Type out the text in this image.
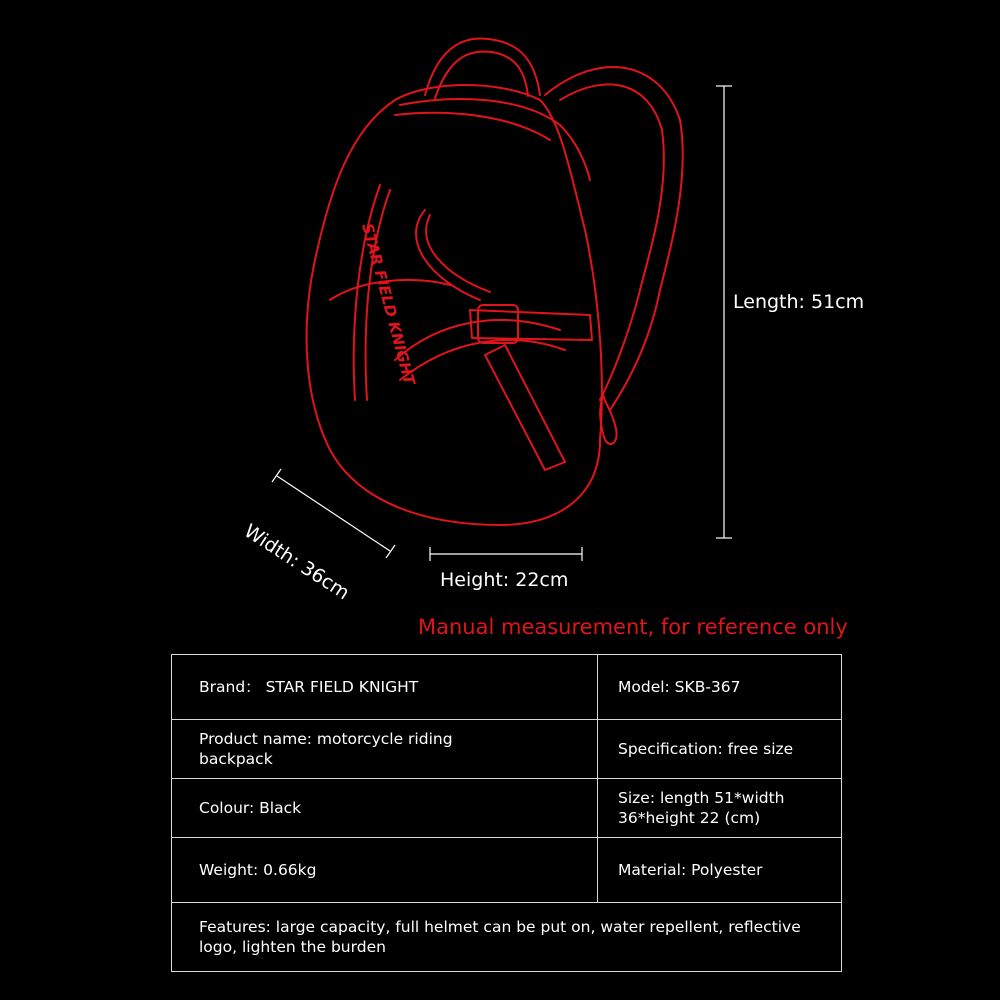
STAR FIELD KNIGHT	Length: 51cm
Height: 22cm
Width: 36cm
Manual measurement, for reference only
Brand： STAR FIELD KNIGHT	Model: SKB-367
Product name: motorcycle riding backpack	Specification: free size
Colour: Black	Size: length 51*width 36*height 22 (cm)
Weight: 0.66kg	Material: Polyester
Features: large capacity, full helmet can be put on, water repellent, reflective logo, lighten the burden	
